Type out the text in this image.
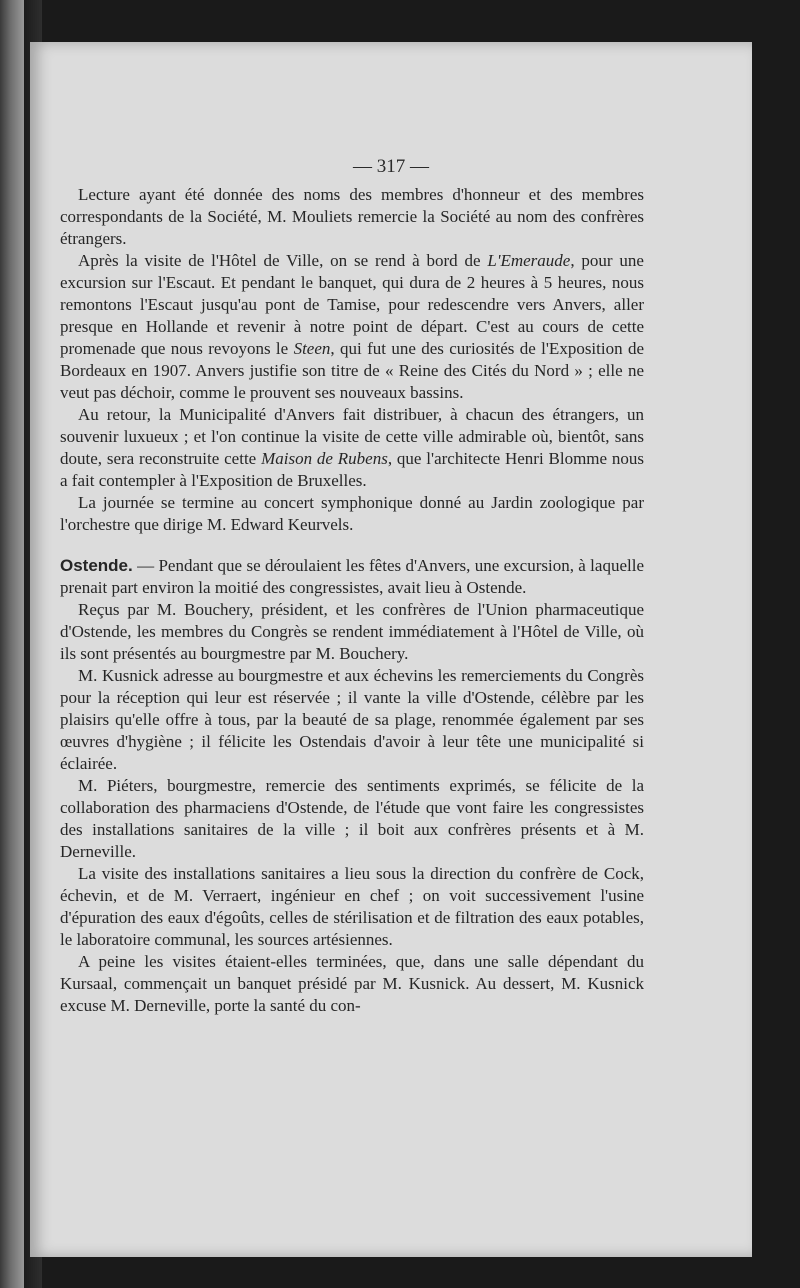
— 317 —

Lecture ayant été donnée des noms des membres d'honneur et des membres correspondants de la Société, M. Mouliets remercie la Société au nom des confrères étrangers.

Après la visite de l'Hôtel de Ville, on se rend à bord de L'Emeraude, pour une excursion sur l'Escaut. Et pendant le banquet, qui dura de 2 heures à 5 heures, nous remontons l'Escaut jusqu'au pont de Tamise, pour redescendre vers Anvers, aller presque en Hollande et revenir à notre point de départ. C'est au cours de cette promenade que nous revoyons le Steen, qui fut une des curiosités de l'Exposition de Bordeaux en 1907. Anvers justifie son titre de « Reine des Cités du Nord » ; elle ne veut pas déchoir, comme le prouvent ses nouveaux bassins.

Au retour, la Municipalité d'Anvers fait distribuer, à chacun des étrangers, un souvenir luxueux ; et l'on continue la visite de cette ville admirable où, bientôt, sans doute, sera reconstruite cette Maison de Rubens, que l'architecte Henri Blomme nous a fait contempler à l'Exposition de Bruxelles.

La journée se termine au concert symphonique donné au Jardin zoologique par l'orchestre que dirige M. Edward Keurvels.

Ostende. — Pendant que se déroulaient les fêtes d'Anvers, une excursion, à laquelle prenait part environ la moitié des congressistes, avait lieu à Ostende.

Reçus par M. Bouchery, président, et les confrères de l'Union pharmaceutique d'Ostende, les membres du Congrès se rendent immédiatement à l'Hôtel de Ville, où ils sont présentés au bourgmestre par M. Bouchery.

M. Kusnick adresse au bourgmestre et aux échevins les remerciements du Congrès pour la réception qui leur est réservée ; il vante la ville d'Ostende, célèbre par les plaisirs qu'elle offre à tous, par la beauté de sa plage, renommée également par ses œuvres d'hygiène ; il félicite les Ostendais d'avoir à leur tête une municipalité si éclairée.

M. Piéters, bourgmestre, remercie des sentiments exprimés, se félicite de la collaboration des pharmaciens d'Ostende, de l'étude que vont faire les congressistes des installations sanitaires de la ville ; il boit aux confrères présents et à M. Derneville.

La visite des installations sanitaires a lieu sous la direction du confrère de Cock, échevin, et de M. Verraert, ingénieur en chef ; on voit successivement l'usine d'épuration des eaux d'égoûts, celles de stérilisation et de filtration des eaux potables, le laboratoire communal, les sources artésiennes.

A peine les visites étaient-elles terminées, que, dans une salle dépendant du Kursaal, commençait un banquet présidé par M. Kusnick. Au dessert, M. Kusnick excuse M. Derneville, porte la santé du con-
